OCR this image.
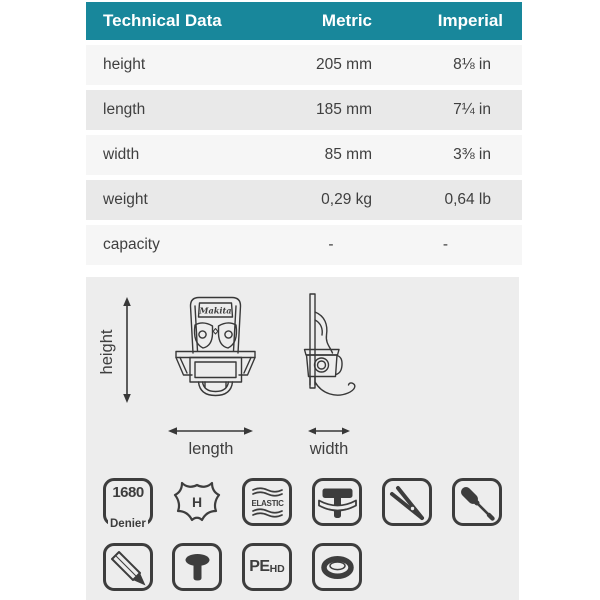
Technical Data	Metric	Imperial
height	205 mm	8⅛ in
length	185 mm	7¼ in
width	85 mm	3⅜ in
weight	0,29 kg	0,64 lb
capacity	-	-
Makita
height
length	width
1680
Denier
H	ELASTIC
PE HD
